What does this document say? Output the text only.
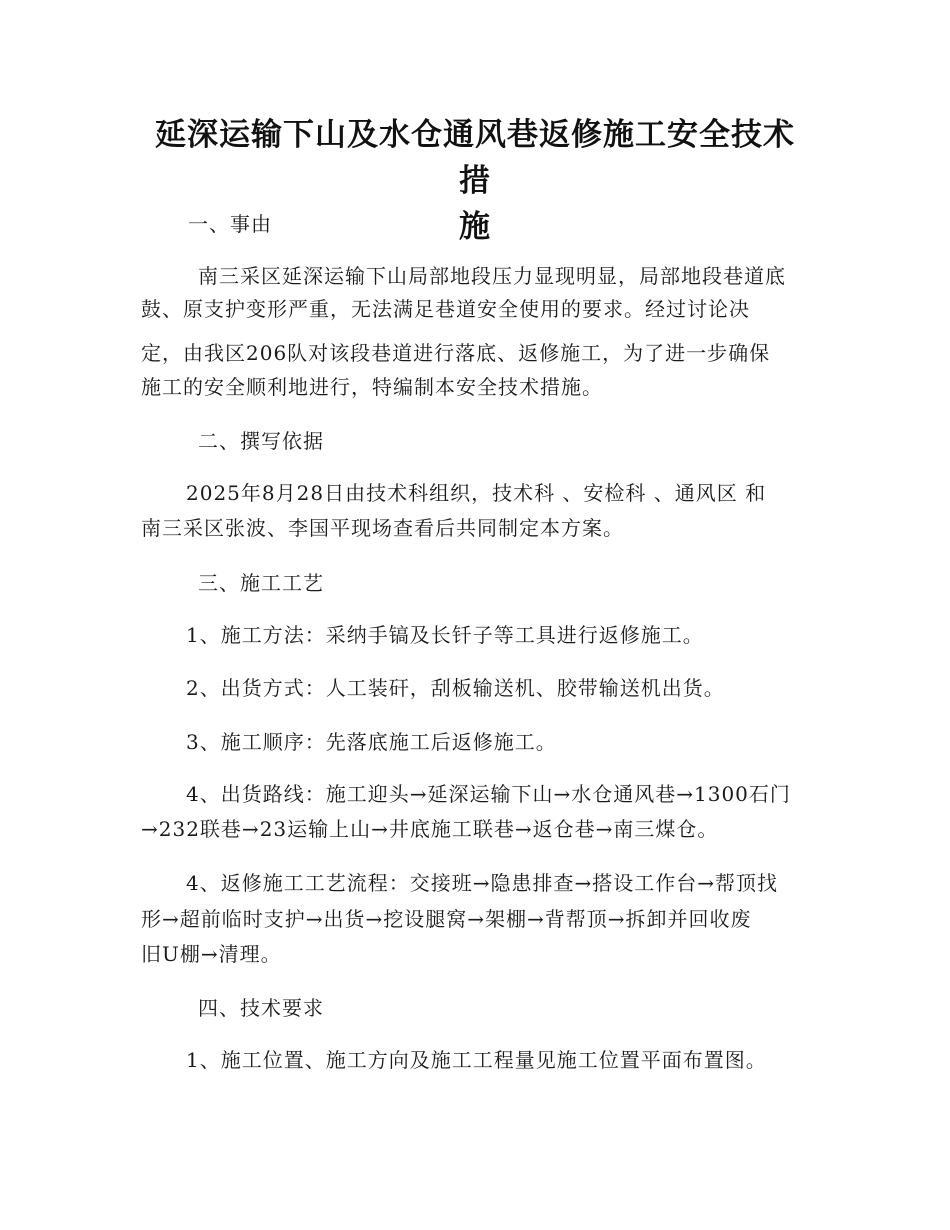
延深运输下山及水仓通风巷返修施工安全技术措
施
一、事由
南三采区延深运输下山局部地段压力显现明显，局部地段巷道底
鼓、原支护变形严重，无法满足巷道安全使用的要求。经过讨论决
定，由我区206队对该段巷道进行落底、返修施工，为了进一步确保
施工的安全顺利地进行，特编制本安全技术措施。
二、撰写依据
2025年8月28日由技术科组织，技术科 、安检科 、通风区 和
南三采区张波、李国平现场查看后共同制定本方案。
三、施工工艺
1、施工方法：采纳手镐及长钎子等工具进行返修施工。
2、出货方式：人工装矸，刮板输送机、胶带输送机出货。
3、施工顺序：先落底施工后返修施工。
4、出货路线：施工迎头→延深运输下山→水仓通风巷→1300石门
→232联巷→23运输上山→井底施工联巷→返仓巷→南三煤仓。
4、返修施工工艺流程：交接班→隐患排查→搭设工作台→帮顶找
形→超前临时支护→出货→挖设腿窝→架棚→背帮顶→拆卸并回收废
旧U棚→清理。
四、技术要求
1、施工位置、施工方向及施工工程量见施工位置平面布置图。
